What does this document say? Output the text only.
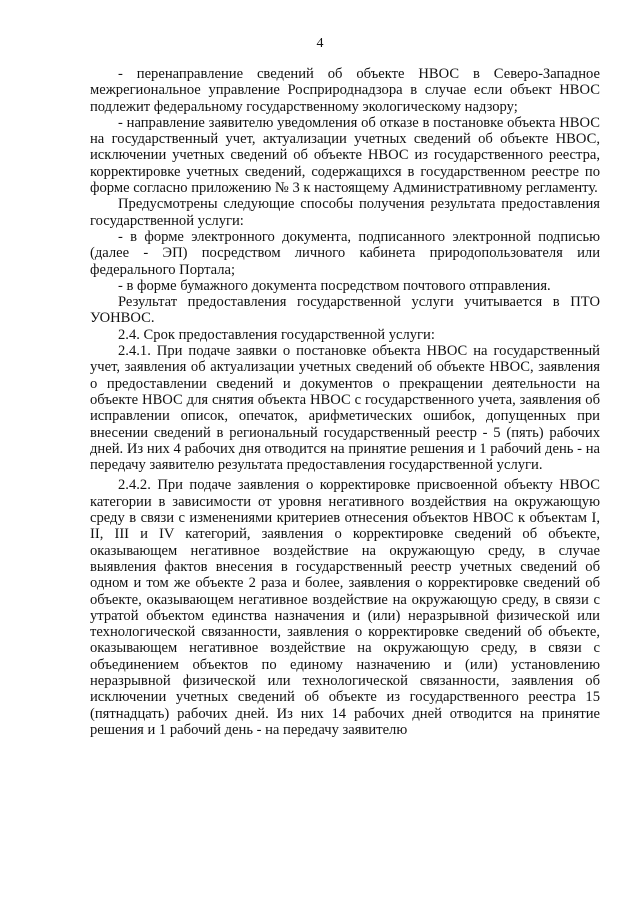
4

- перенаправление сведений об объекте НВОС в Северо-Западное межрегиональное управление Росприроднадзора в случае если объект НВОС подлежит федеральному государственному экологическому надзору;

- направление заявителю уведомления об отказе в постановке объекта НВОС на государственный учет, актуализации учетных сведений об объекте НВОС, исключении учетных сведений об объекте НВОС из государственного реестра, корректировке учетных сведений, содержащихся в государственном реестре по форме согласно приложению № 3 к настоящему Административному регламенту.

Предусмотрены следующие способы получения результата предоставления государственной услуги:

- в форме электронного документа, подписанного электронной подписью (далее - ЭП) посредством личного кабинета природопользователя или федерального Портала;

- в форме бумажного документа посредством почтового отправления.

Результат предоставления государственной услуги учитывается в ПТО УОНВОС.

2.4. Срок предоставления государственной услуги:

2.4.1. При подаче заявки о постановке объекта НВОС на государственный учет, заявления об актуализации учетных сведений об объекте НВОС, заявления о предоставлении сведений и документов о прекращении деятельности на объекте НВОС для снятия объекта НВОС с государственного учета, заявления об исправлении описок, опечаток, арифметических ошибок, допущенных при внесении сведений в региональный государственный реестр - 5 (пять) рабочих дней. Из них 4 рабочих дня отводится на принятие решения и 1 рабочий день - на передачу заявителю результата предоставления государственной услуги.

2.4.2. При подаче заявления о корректировке присвоенной объекту НВОС категории в зависимости от уровня негативного воздействия на окружающую среду в связи с изменениями критериев отнесения объектов НВОС к объектам I, II, III и IV категорий, заявления о корректировке сведений об объекте, оказывающем негативное воздействие на окружающую среду, в случае выявления фактов внесения в государственный реестр учетных сведений об одном и том же объекте 2 раза и более, заявления о корректировке сведений об объекте, оказывающем негативное воздействие на окружающую среду, в связи с утратой объектом единства назначения и (или) неразрывной физической или технологической связанности, заявления о корректировке сведений об объекте, оказывающем негативное воздействие на окружающую среду, в связи с объединением объектов по единому назначению и (или) установлению неразрывной физической или технологической связанности, заявления об исключении учетных сведений об объекте из государственного реестра 15 (пятнадцать) рабочих дней. Из них 14 рабочих дней отводится на принятие решения и 1 рабочий день - на передачу заявителю
